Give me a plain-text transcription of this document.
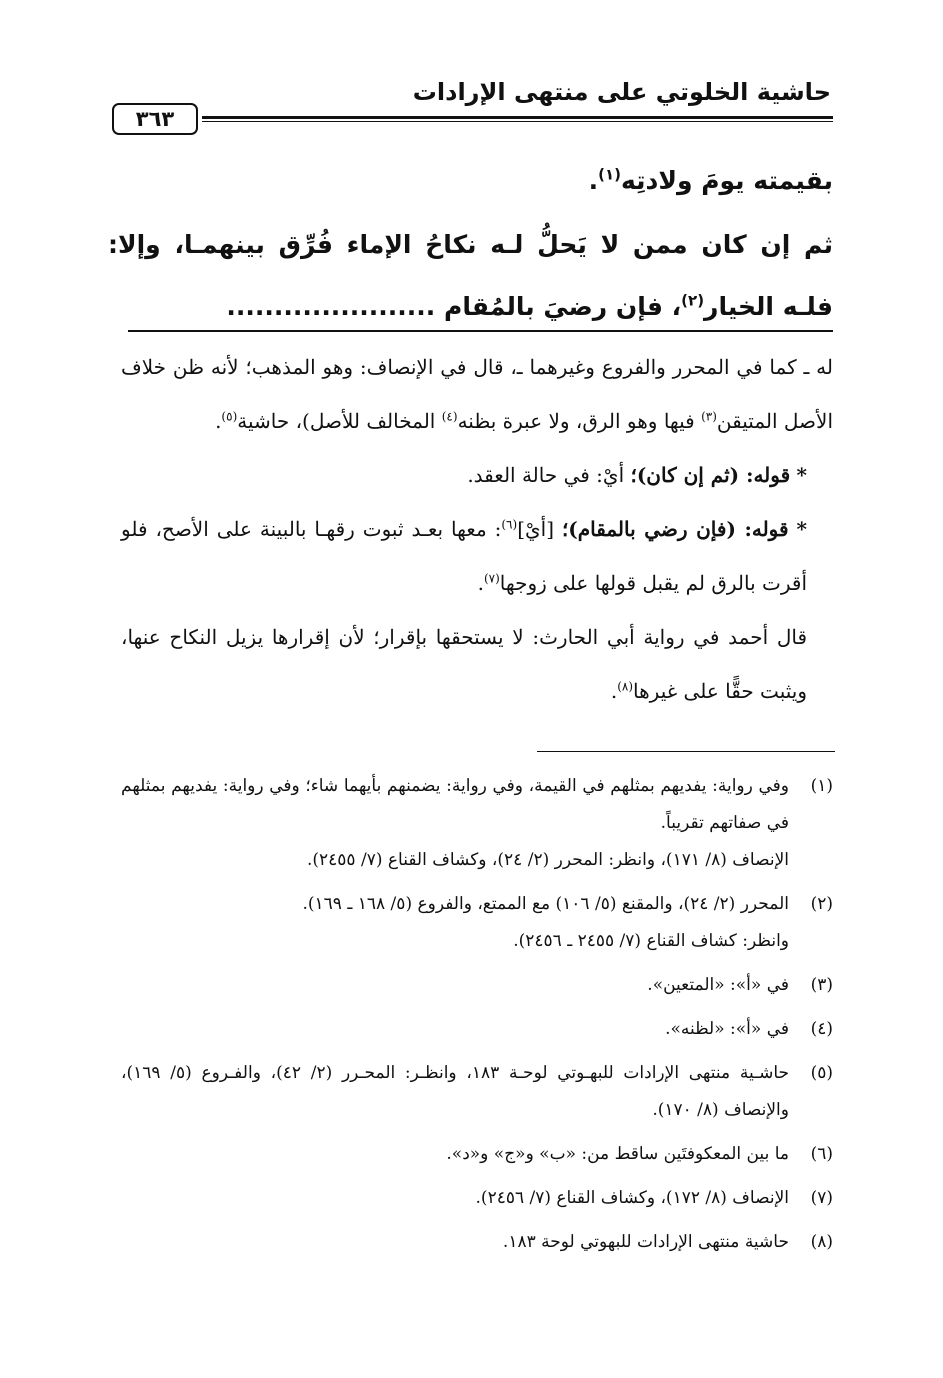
حاشية الخلوتي على منتهى الإرادات
٣٦٣

بقيمته يومَ ولادتِه$^{(١)}$.

ثم إن كان ممن لا يَحلُّ لـه نكاحُ الإماء فُرِّق بينهمـا، وإلا: فلـه الخيار$^{(٢)}$، فإن رضيَ بالمُقام ......................

له ـ كما في المحرر والفروع وغيرهما ـ، قال في الإنصاف: وهو المذهب؛ لأنه ظن خلاف الأصل المتيقن$^{(٣)}$ فيها وهو الرق، ولا عبرة بظنه$^{(٤)}$ المخالف للأصل)، حاشية$^{(٥)}$.

* قوله: (ثم إن كان)؛ أيْ: في حالة العقد.

* قوله: (فإن رضي بالمقام)؛ [أيْ]$^{(٦)}$: معها بعـد ثبوت رقهـا بالبينة على الأصح، فلو أقرت بالرق لم يقبل قولها على زوجها$^{(٧)}$.

قال أحمد في رواية أبي الحارث: لا يستحقها بإقرار؛ لأن إقرارها يزيل النكاح عنها، ويثبت حقًّا على غيرها$^{(٨)}$.

(١)
وفي رواية: يفديهم بمثلهم في القيمة، وفي رواية: يضمنهم بأيهما شاء؛ وفي رواية: يفديهم بمثلهم في صفاتهم تقريباً.
الإنصاف (٨/ ١٧١)، وانظر: المحرر (٢/ ٢٤)، وكشاف القناع (٧/ ٢٤٥٥).
(٢)
المحرر (٢/ ٢٤)، والمقنع (٥/ ١٠٦) مع الممتع، والفروع (٥/ ١٦٨ ـ ١٦٩).
وانظر: كشاف القناع (٧/ ٢٤٥٥ ـ ٢٤٥٦).
(٣)
في «أ»: «المتعين».
(٤)
في «أ»: «لظنه».
(٥)
حاشـية منتهى الإرادات للبهـوتي لوحـة ١٨٣، وانظـر: المحـرر (٢/ ٤٢)، والفـروع (٥/ ١٦٩)، والإنصاف (٨/ ١٧٠).
(٦)
ما بين المعكوفتَين ساقط من: «ب» و«ج» و«د».
(٧)
الإنصاف (٨/ ١٧٢)، وكشاف القناع (٧/ ٢٤٥٦).
(٨)
حاشية منتهى الإرادات للبهوتي لوحة ١٨٣.
